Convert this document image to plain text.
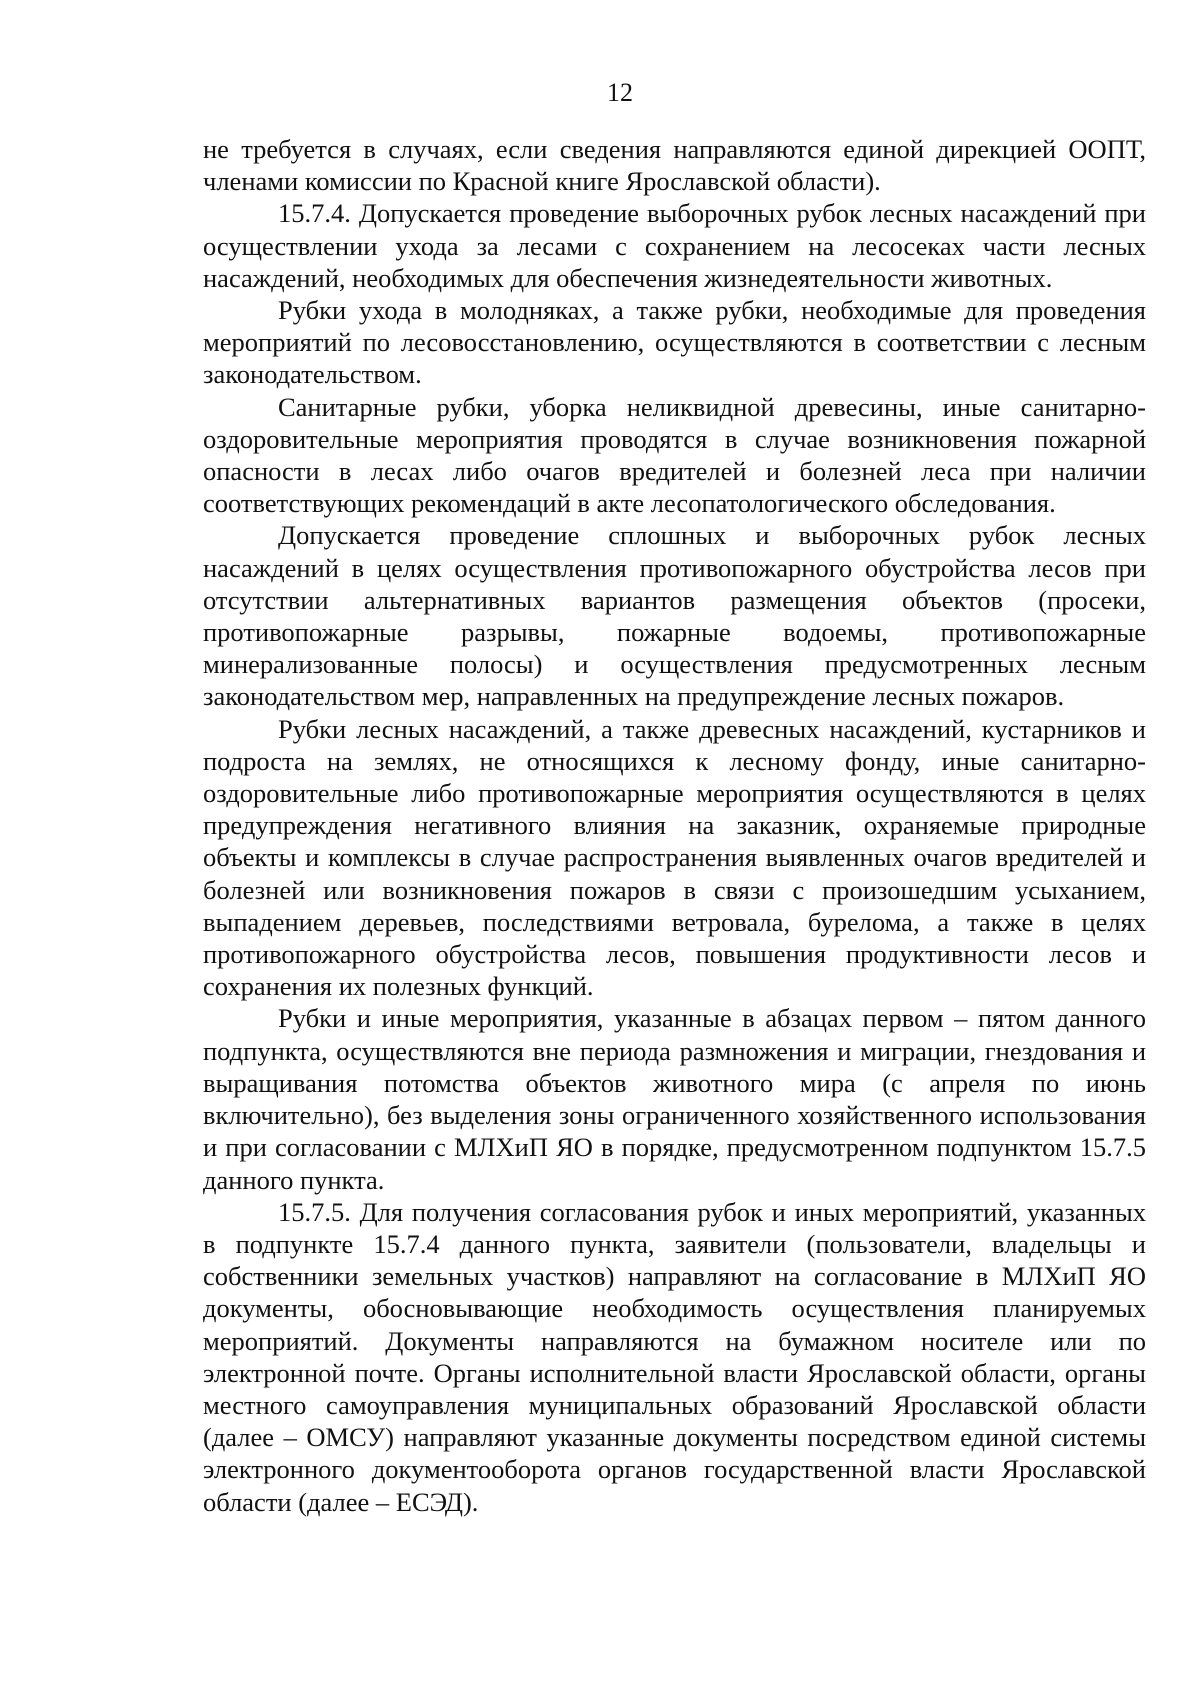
12

не требуется в случаях, если сведения направляются единой дирекцией ООПТ, членами комиссии по Красной книге Ярославской области).

15.7.4. Допускается проведение выборочных рубок лесных насаждений при осуществлении ухода за лесами с сохранением на лесосеках части лесных насаждений, необходимых для обеспечения жизнедеятельности животных.

Рубки ухода в молодняках, а также рубки, необходимые для проведения мероприятий по лесовосстановлению, осуществляются в соответствии с лесным законодательством.

Санитарные рубки, уборка неликвидной древесины, иные санитарно-оздоровительные мероприятия проводятся в случае возникновения пожарной опасности в лесах либо очагов вредителей и болезней леса при наличии соответствующих рекомендаций в акте лесопатологического обследования.

Допускается проведение сплошных и выборочных рубок лесных насаждений в целях осуществления противопожарного обустройства лесов при отсутствии альтернативных вариантов размещения объектов (просеки, противопожарные разрывы, пожарные водоемы, противопожарные минерализованные полосы) и осуществления предусмотренных лесным законодательством мер, направленных на предупреждение лесных пожаров.

Рубки лесных насаждений, а также древесных насаждений, кустарников и подроста на землях, не относящихся к лесному фонду, иные санитарно-оздоровительные либо противопожарные мероприятия осуществляются в целях предупреждения негативного влияния на заказник, охраняемые природные объекты и комплексы в случае распространения выявленных очагов вредителей и болезней или возникновения пожаров в связи с произошедшим усыханием, выпадением деревьев, последствиями ветровала, бурелома, а также в целях противопожарного обустройства лесов, повышения продуктивности лесов и сохранения их полезных функций.

Рубки и иные мероприятия, указанные в абзацах первом – пятом данного подпункта, осуществляются вне периода размножения и миграции, гнездования и выращивания потомства объектов животного мира (с апреля по июнь включительно), без выделения зоны ограниченного хозяйственного использования и при согласовании с МЛХиП ЯО в порядке, предусмотренном подпунктом 15.7.5 данного пункта.

15.7.5. Для получения согласования рубок и иных мероприятий, указанных в подпункте 15.7.4 данного пункта, заявители (пользователи, владельцы и собственники земельных участков) направляют на согласование в МЛХиП ЯО документы, обосновывающие необходимость осуществления планируемых мероприятий. Документы направляются на бумажном носителе или по электронной почте. Органы исполнительной власти Ярославской области, органы местного самоуправления муниципальных образований Ярославской области (далее – ОМСУ) направляют указанные документы посредством единой системы электронного документооборота органов государственной власти Ярославской области (далее – ЕСЭД).
